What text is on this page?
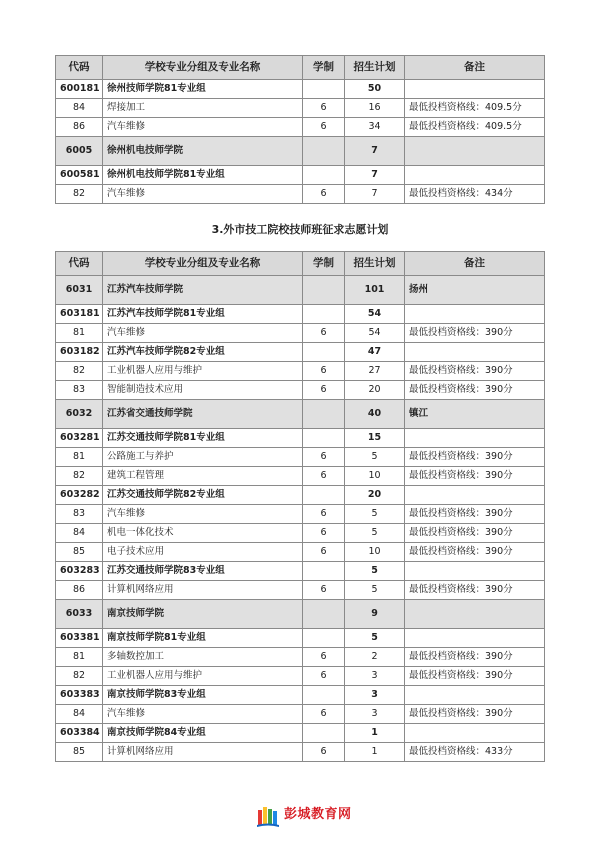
代码	学校专业分组及专业名称	学制	招生计划	备注
600181	徐州技师学院81专业组		50	
84	焊接加工	6	16	最低投档资格线：409.5分
86	汽车维修	6	34	最低投档资格线：409.5分
6005	徐州机电技师学院		7	
600581	徐州机电技师学院81专业组		7	
82	汽车维修	6	7	最低投档资格线：434分
3.外市技工院校技师班征求志愿计划
代码	学校专业分组及专业名称	学制	招生计划	备注
6031	江苏汽车技师学院		101	扬州
603181	江苏汽车技师学院81专业组		54	
81	汽车维修	6	54	最低投档资格线：390分
603182	江苏汽车技师学院82专业组		47	
82	工业机器人应用与维护	6	27	最低投档资格线：390分
83	智能制造技术应用	6	20	最低投档资格线：390分
6032	江苏省交通技师学院		40	镇江
603281	江苏交通技师学院81专业组		15	
81	公路施工与养护	6	5	最低投档资格线：390分
82	建筑工程管理	6	10	最低投档资格线：390分
603282	江苏交通技师学院82专业组		20	
83	汽车维修	6	5	最低投档资格线：390分
84	机电一体化技术	6	5	最低投档资格线：390分
85	电子技术应用	6	10	最低投档资格线：390分
603283	江苏交通技师学院83专业组		5	
86	计算机网络应用	6	5	最低投档资格线：390分
6033	南京技师学院		9	
603381	南京技师学院81专业组		5	
81	多轴数控加工	6	2	最低投档资格线：390分
82	工业机器人应用与维护	6	3	最低投档资格线：390分
603383	南京技师学院83专业组		3	
84	汽车维修	6	3	最低投档资格线：390分
603384	南京技师学院84专业组		1	
85	计算机网络应用	6	1	最低投档资格线：433分
彭城教育网
